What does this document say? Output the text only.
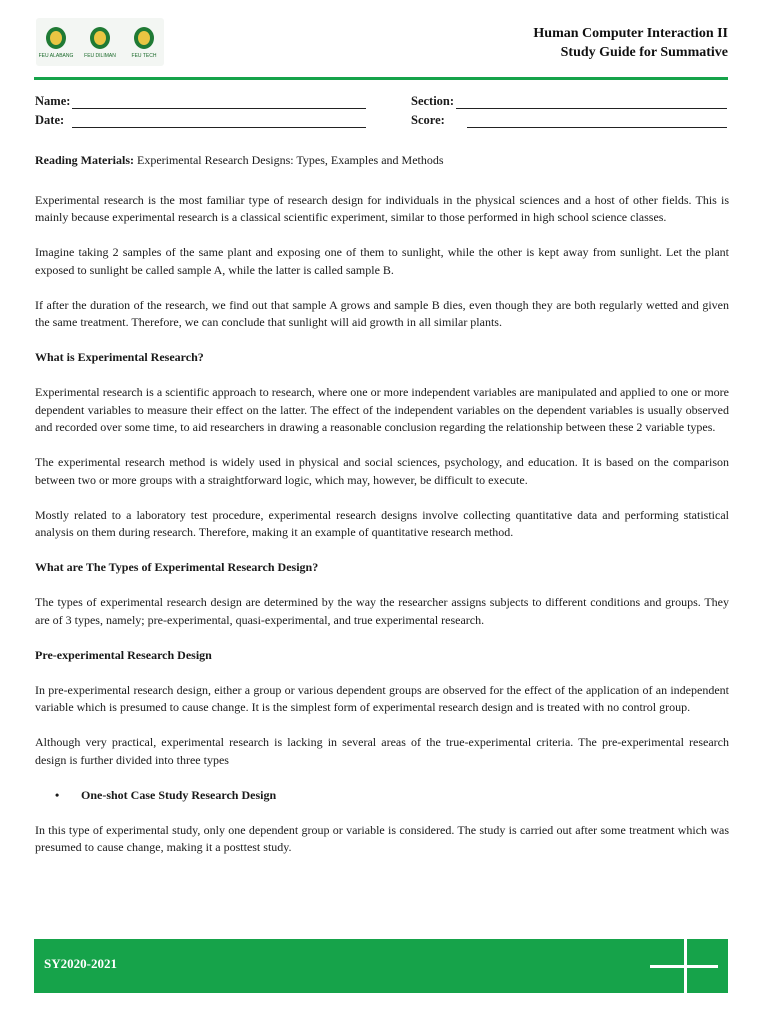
FEU ALABANG	FEU DILIMAN	FEU TECH
Human Computer Interaction II
Study Guide for Summative
Name:	Section:
Date:	Score:

Reading Materials: Experimental Research Designs: Types, Examples and Methods

Experimental research is the most familiar type of research design for individuals in the physical sciences and a host of other fields. This is mainly because experimental research is a classical scientific experiment, similar to those performed in high school science classes.

Imagine taking 2 samples of the same plant and exposing one of them to sunlight, while the other is kept away from sunlight. Let the plant exposed to sunlight be called sample A, while the latter is called sample B.

If after the duration of the research, we find out that sample A grows and sample B dies, even though they are both regularly wetted and given the same treatment. Therefore, we can conclude that sunlight will aid growth in all similar plants.

What is Experimental Research?

Experimental research is a scientific approach to research, where one or more independent variables are manipulated and applied to one or more dependent variables to measure their effect on the latter. The effect of the independent variables on the dependent variables is usually observed and recorded over some time, to aid researchers in drawing a reasonable conclusion regarding the relationship between these 2 variable types.

The experimental research method is widely used in physical and social sciences, psychology, and education. It is based on the comparison between two or more groups with a straightforward logic, which may, however, be difficult to execute.

Mostly related to a laboratory test procedure, experimental research designs involve collecting quantitative data and performing statistical analysis on them during research. Therefore, making it an example of quantitative research method.

What are The Types of Experimental Research Design?

The types of experimental research design are determined by the way the researcher assigns subjects to different conditions and groups. They are of 3 types, namely; pre-experimental, quasi-experimental, and true experimental research.

Pre-experimental Research Design

In pre-experimental research design, either a group or various dependent groups are observed for the effect of the application of an independent variable which is presumed to cause change. It is the simplest form of experimental research design and is treated with no control group.

Although very practical, experimental research is lacking in several areas of the true-experimental criteria. The pre-experimental research design is further divided into three types

•	One-shot Case Study Research Design

In this type of experimental study, only one dependent group or variable is considered. The study is carried out after some treatment which was presumed to cause change, making it a posttest study.

SY2020-2021
